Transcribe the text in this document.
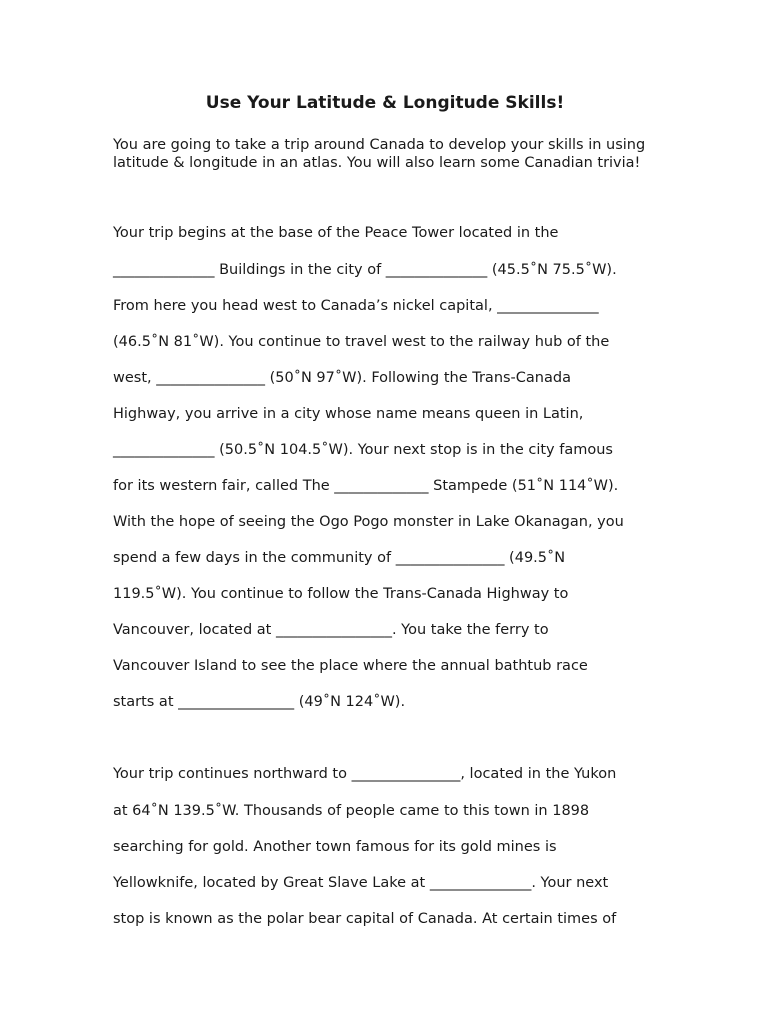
Use Your Latitude & Longitude Skills!

You are going to take a trip around Canada to develop your skills in using latitude & longitude in an atlas. You will also learn some Canadian trivia!

Your trip begins at the base of the Peace Tower located in the

______________ Buildings in the city of ______________ (45.5˚N 75.5˚W).

From here you head west to Canada’s nickel capital, ______________

(46.5˚N 81˚W). You continue to travel west to the railway hub of the

west, _______________ (50˚N 97˚W). Following the Trans-Canada

Highway, you arrive in a city whose name means queen in Latin,

______________ (50.5˚N 104.5˚W). Your next stop is in the city famous

for its western fair, called The _____________ Stampede (51˚N 114˚W).

With the hope of seeing the Ogo Pogo monster in Lake Okanagan, you

spend a few days in the community of _______________ (49.5˚N

119.5˚W). You continue to follow the Trans-Canada Highway to

Vancouver, located at ________________. You take the ferry to

Vancouver Island to see the place where the annual bathtub race

starts at ________________ (49˚N 124˚W).

Your trip continues northward to _______________, located in the Yukon

at 64˚N 139.5˚W. Thousands of people came to this town in 1898

searching for gold. Another town famous for its gold mines is

Yellowknife, located by Great Slave Lake at ______________. Your next

stop is known as the polar bear capital of Canada. At certain times of
